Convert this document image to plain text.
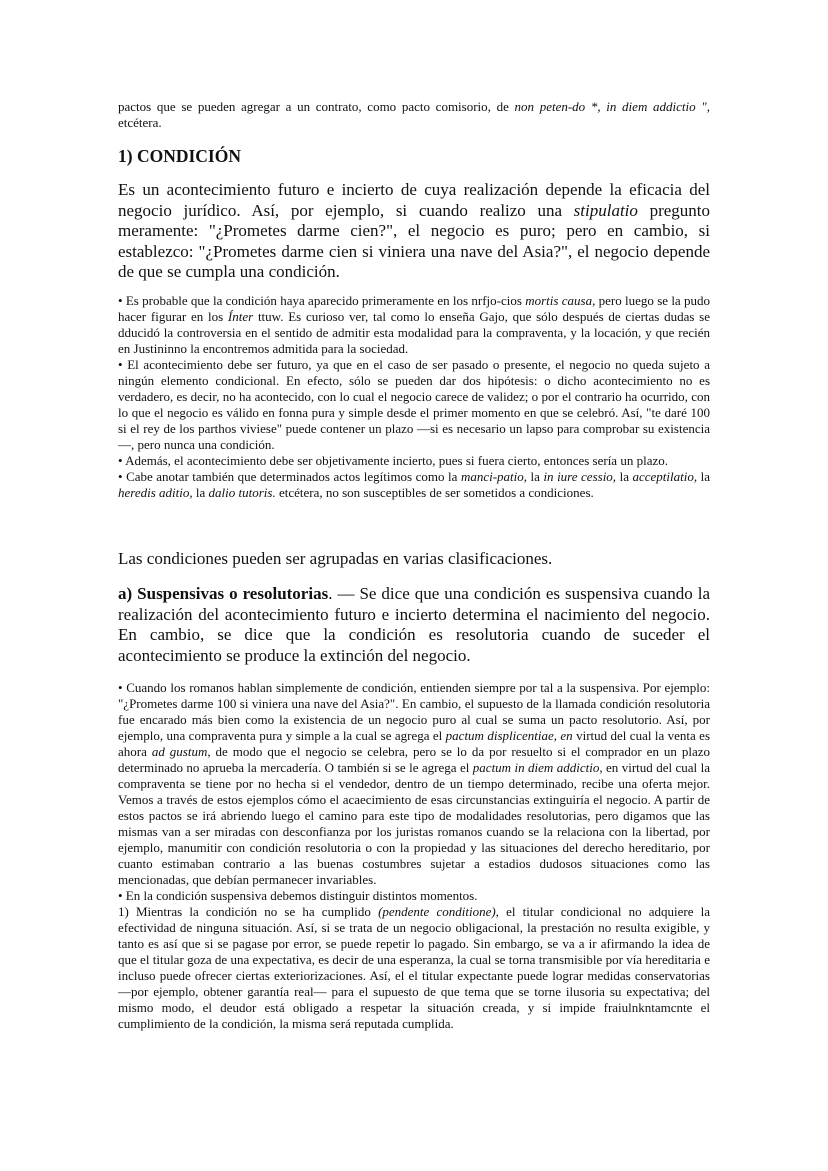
pactos que se pueden agregar a un contrato, como pacto comisorio, de non peten-do *, in diem addictio ", etcétera.

1) CONDICIÓN

Es un acontecimiento futuro e incierto de cuya realización depende la eficacia del negocio jurídico. Así, por ejemplo, si cuando realizo una stipulatio pregunto meramente: "¿Prometes darme cien?", el negocio es puro; pero en cambio, si establezco: "¿Prometes darme cien si viniera una nave del Asia?", el negocio depende de que se cumpla una condición.

• Es probable que la condición haya aparecido primeramente en los nrfjo-cios mortis causa, pero luego se la pudo hacer figurar en los Ínter ttuw. Es curioso ver, tal como lo enseña Gajo, que sólo después de ciertas dudas se dducidó la controversia en el sentido de admitir esta modalidad para la compraventa, y la locación, y que recién en Justininno la encontremos admitida para la sociedad.
• El acontecimiento debe ser futuro, ya que en el caso de ser pasado o presente, el negocio no queda sujeto a ningún elemento condicional. En efecto, sólo se pueden dar dos hipótesis: o dicho acontecimiento no es verdadero, es decir, no ha acontecido, con lo cual el negocio carece de validez; o por el contrario ha ocurrido, con lo que el negocio es válido en fonna pura y simple desde el primer momento en que se celebró. Así, "te daré 100 si el rey de los parthos viviese" puede contener un plazo —si es necesario un lapso para comprobar su existencia—, pero nunca una condición.
• Además, el acontecimiento debe ser objetivamente incierto, pues si fuera cierto, entonces sería un plazo.
• Cabe anotar también que determinados actos legítimos como la manci-patio, la in iure cessio, la acceptilatio, la heredis aditio, la dalio tutoris. etcétera, no son susceptibles de ser sometidos a condiciones.

Las condiciones pueden ser agrupadas en varias clasificaciones.

a) Suspensivas o resolutorias. — Se dice que una condición es suspensiva cuando la realización del acontecimiento futuro e incierto determina el nacimiento del negocio. En cambio, se dice que la condición es resolutoria cuando de suceder el acontecimiento se produce la extinción del negocio.

• Cuando los romanos hablan simplemente de condición, entienden siempre por tal a la suspensiva. Por ejemplo: "¿Prometes darme 100 si viniera una nave del Asia?". En cambio, el supuesto de la llamada condición resolutoria fue encarado más bien como la existencia de un negocio puro al cual se suma un pacto resolutorio. Así, por ejemplo, una compraventa pura y simple a la cual se agrega el pactum displicentiae, en virtud del cual la venta es ahora ad gustum, de modo que el negocio se celebra, pero se lo da por resuelto si el comprador en un plazo determinado no aprueba la mercadería. O también si se le agrega el pactum in diem addictio, en virtud del cual la compraventa se tiene por no hecha si el vendedor, dentro de un tiempo determinado, recibe una oferta mejor. Vemos a través de estos ejemplos cómo el acaecimiento de esas circunstancias extinguiría el negocio. A partir de estos pactos se irá abriendo luego el camino para este tipo de modalidades resolutorias, pero digamos que las mismas van a ser miradas con desconfianza por los juristas romanos cuando se la relaciona con la libertad, por ejemplo, manumitir con condición resolutoria o con la propiedad y las situaciones del derecho hereditario, por cuanto estimaban contrario a las buenas costumbres sujetar a estadios dudosos situaciones como las mencionadas, que debían permanecer invariables.
• En la condición suspensiva debemos distinguir distintos momentos.
1) Mientras la condición no se ha cumplido (pendente conditione), el titular condicional no adquiere la efectividad de ninguna situación. Así, si se trata de un negocio obligacional, la prestación no resulta exigible, y tanto es así que si se pagase por error, se puede repetir lo pagado. Sin embargo, se va a ir afirmando la idea de que el titular goza de una expectativa, es decir de una esperanza, la cual se torna transmisible por vía hereditaria e incluso puede ofrecer ciertas exteriorizaciones. Así, el el titular expectante puede lograr medidas conservatorias —por ejemplo, obtener garantía real— para el supuesto de que tema que se torne ilusoria su expectativa; del mismo modo, el deudor está obligado a respetar la situación creada, y si impide fraiulnkntamcnte el cumplimiento de la condición, la misma será reputada cumplida.
